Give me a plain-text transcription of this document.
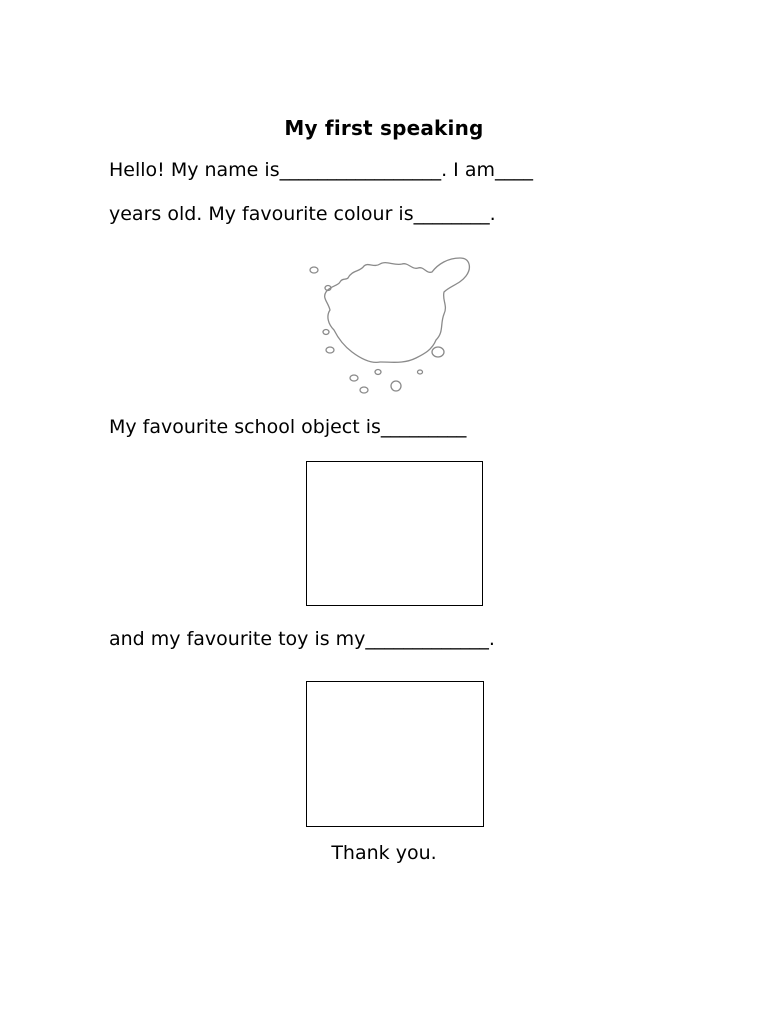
My first speaking
Hello! My name is_________________. I am____
years old. My favourite colour is________.
My favourite school object is_________
and my favourite toy is my_____________.
Thank you.
